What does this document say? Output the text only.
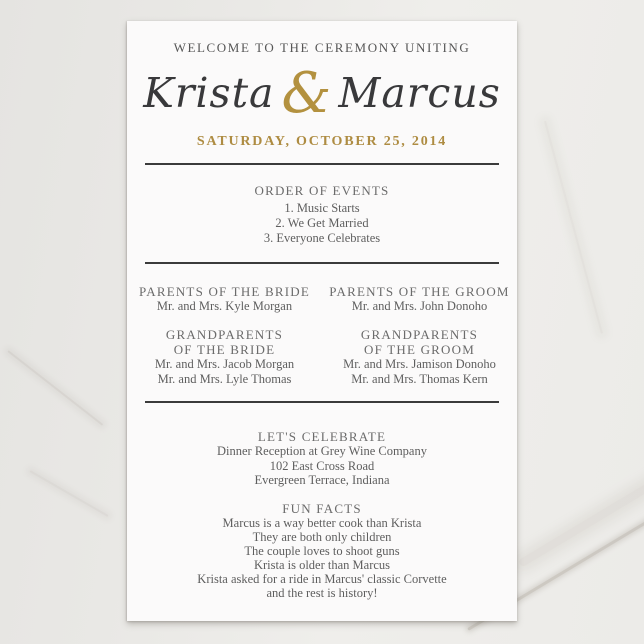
WELCOME TO THE CEREMONY UNITING
Krista & Marcus
SATURDAY, OCTOBER 25, 2014
ORDER OF EVENTS
1. Music Starts
2. We Get Married
3. Everyone Celebrates
PARENTS OF THE BRIDE
Mr. and Mrs. Kyle Morgan
GRANDPARENTS
OF THE BRIDE
Mr. and Mrs. Jacob Morgan
Mr. and Mrs. Lyle Thomas
PARENTS OF THE GROOM
Mr. and Mrs. John Donoho
GRANDPARENTS
OF THE GROOM
Mr. and Mrs. Jamison Donoho
Mr. and Mrs. Thomas Kern
LET'S CELEBRATE
Dinner Reception at Grey Wine Company
102 East Cross Road
Evergreen Terrace, Indiana
FUN FACTS
Marcus is a way better cook than Krista
They are both only children
The couple loves to shoot guns
Krista is older than Marcus
Krista asked for a ride in Marcus' classic Corvette
and the rest is history!
